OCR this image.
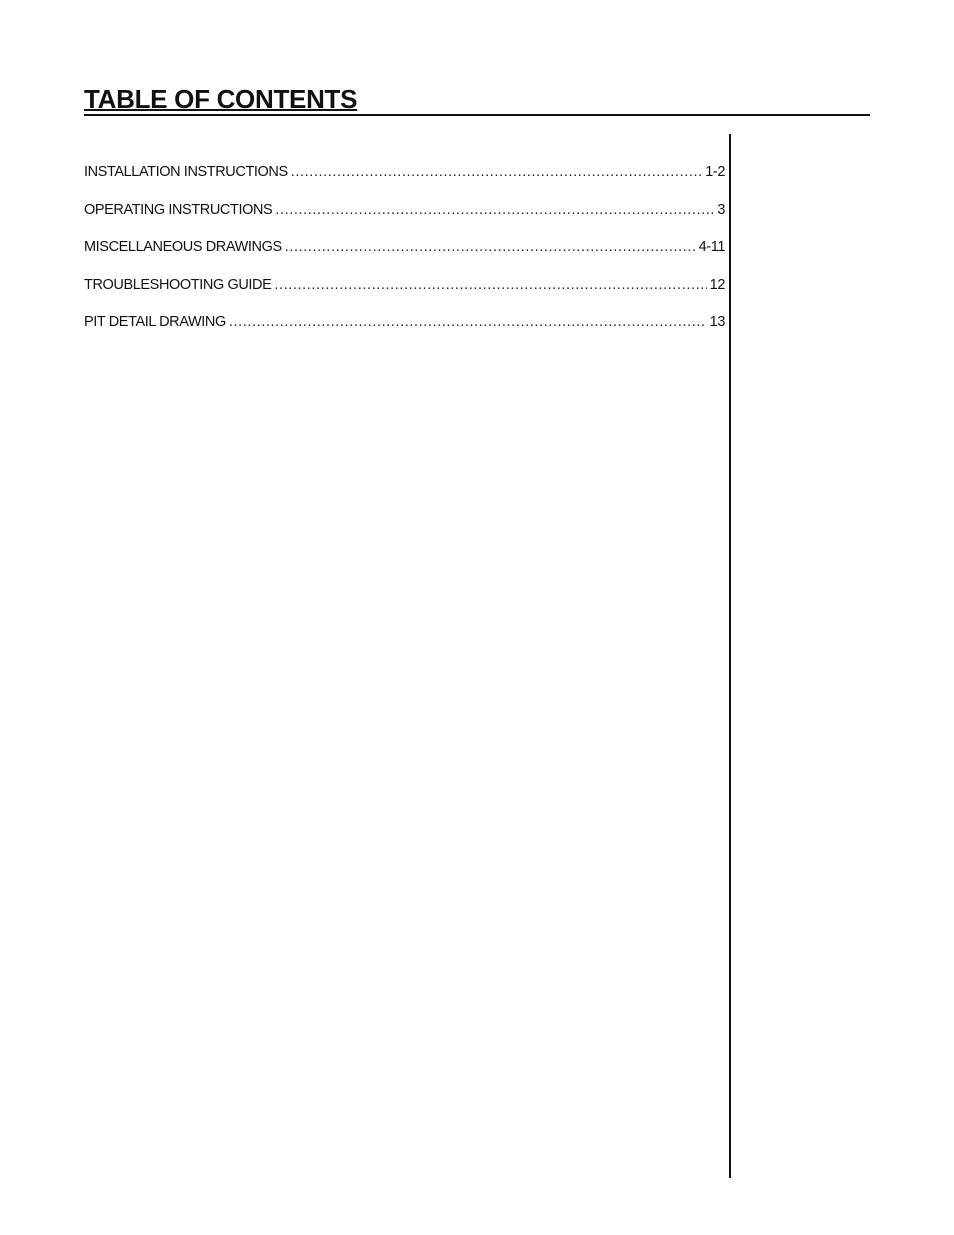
TABLE OF CONTENTS
INSTALLATION INSTRUCTIONS .....	1-2
OPERATING INSTRUCTIONS .....	3
MISCELLANEOUS DRAWINGS .....	4-11
TROUBLESHOOTING GUIDE .....	12
PIT DETAIL DRAWING .....	13
